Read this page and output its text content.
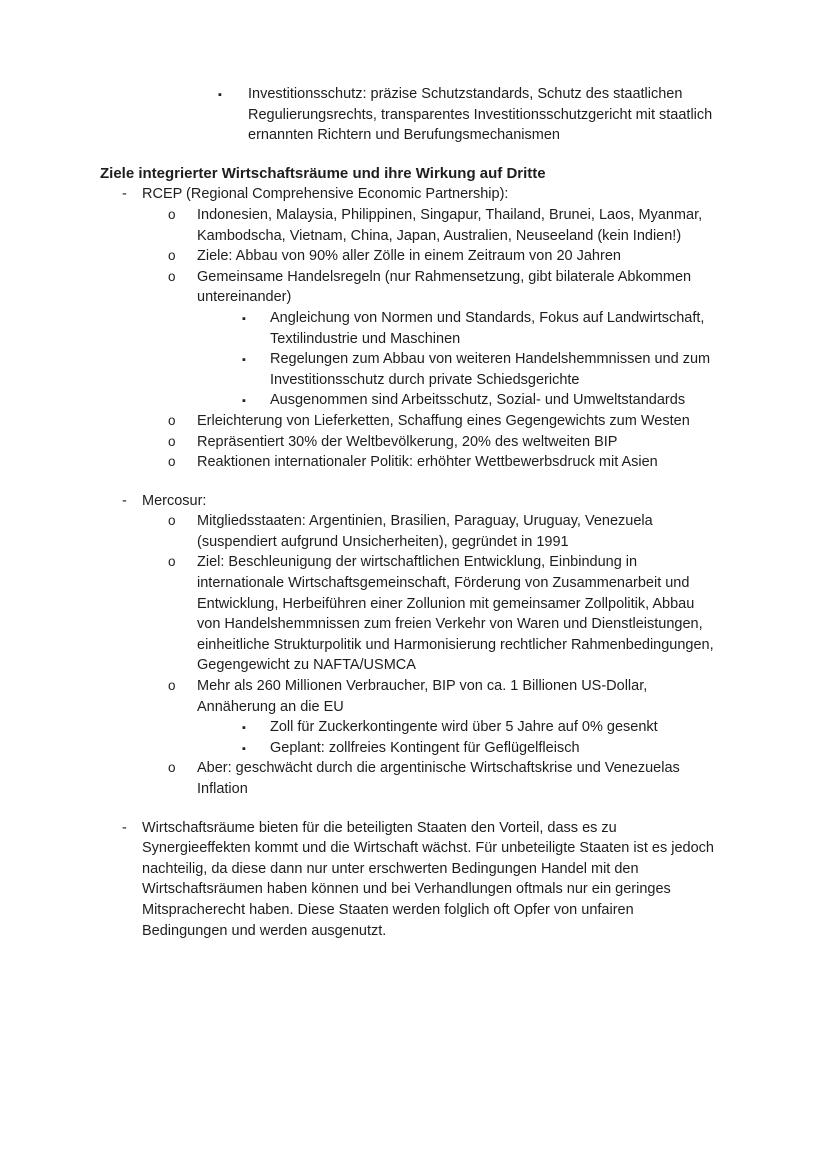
▪ Investitionsschutz: präzise Schutzstandards, Schutz des staatlichen Regulierungsrechts, transparentes Investitionsschutzgericht mit staatlich ernannten Richtern und Berufungsmechanismen
Ziele integrierter Wirtschaftsräume und ihre Wirkung auf Dritte
- RCEP (Regional Comprehensive Economic Partnership):
o Indonesien, Malaysia, Philippinen, Singapur, Thailand, Brunei, Laos, Myanmar, Kambodscha, Vietnam, China, Japan, Australien, Neuseeland (kein Indien!)
o Ziele: Abbau von 90% aller Zölle in einem Zeitraum von 20 Jahren
o Gemeinsame Handelsregeln (nur Rahmensetzung, gibt bilaterale Abkommen untereinander)
▪ Angleichung von Normen und Standards, Fokus auf Landwirtschaft, Textilindustrie und Maschinen
▪ Regelungen zum Abbau von weiteren Handelshemmnissen und zum Investitionsschutz durch private Schiedsgerichte
▪ Ausgenommen sind Arbeitsschutz, Sozial- und Umweltstandards
o Erleichterung von Lieferketten, Schaffung eines Gegengewichts zum Westen
o Repräsentiert 30% der Weltbevölkerung, 20% des weltweiten BIP
o Reaktionen internationaler Politik: erhöhter Wettbewerbsdruck mit Asien
- Mercosur:
o Mitgliedsstaaten: Argentinien, Brasilien, Paraguay, Uruguay, Venezuela (suspendiert aufgrund Unsicherheiten), gegründet in 1991
o Ziel: Beschleunigung der wirtschaftlichen Entwicklung, Einbindung in internationale Wirtschaftsgemeinschaft, Förderung von Zusammenarbeit und Entwicklung, Herbeiführen einer Zollunion mit gemeinsamer Zollpolitik, Abbau von Handelshemmnissen zum freien Verkehr von Waren und Dienstleistungen, einheitliche Strukturpolitik und Harmonisierung rechtlicher Rahmenbedingungen, Gegengewicht zu NAFTA/USMCA
o Mehr als 260 Millionen Verbraucher, BIP von ca. 1 Billionen US-Dollar, Annäherung an die EU
▪ Zoll für Zuckerkontingente wird über 5 Jahre auf 0% gesenkt
▪ Geplant: zollfreies Kontingent für Geflügelfleisch
o Aber: geschwächt durch die argentinische Wirtschaftskrise und Venezuelas Inflation
- Wirtschaftsräume bieten für die beteiligten Staaten den Vorteil, dass es zu Synergieeffekten kommt und die Wirtschaft wächst. Für unbeteiligte Staaten ist es jedoch nachteilig, da diese dann nur unter erschwerten Bedingungen Handel mit den Wirtschaftsräumen haben können und bei Verhandlungen oftmals nur ein geringes Mitspracherecht haben. Diese Staaten werden folglich oft Opfer von unfairen Bedingungen und werden ausgenutzt.
